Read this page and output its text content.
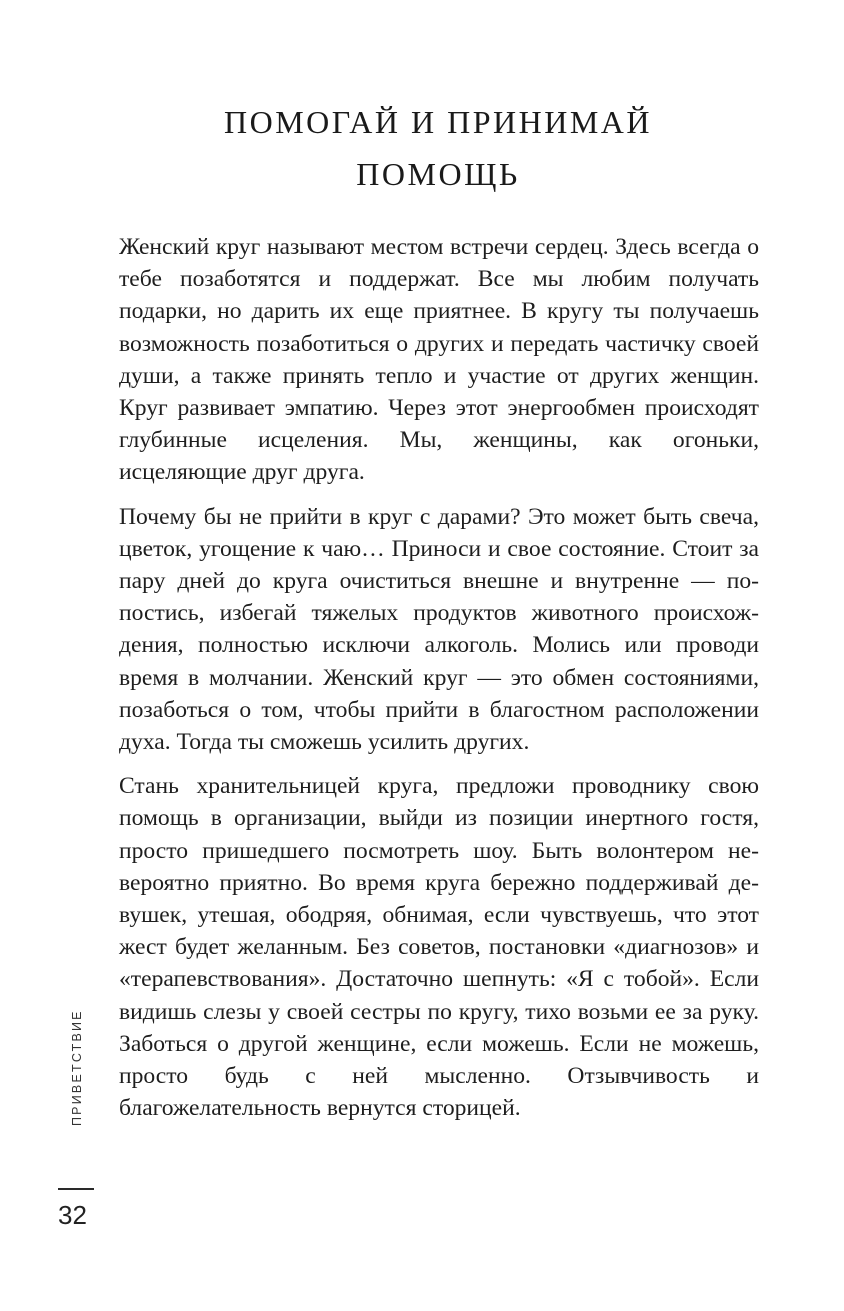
ПОМОГАЙ И ПРИНИМАЙ
ПОМОЩЬ

Женский круг называют местом встречи сердец. Здесь всегда о тебе позаботятся и поддержат. Все мы любим получать подарки, но дарить их еще приятнее. В кругу ты получаешь возможность позаботиться о других и передать частичку своей души, а также принять тепло и участие от других женщин. Круг развивает эмпатию. Через этот энергообмен происходят глубинные исцеления. Мы, женщины, как огоньки, исцеляющие друг друга.

Почему бы не прийти в круг с дарами? Это может быть свеча, цветок, угощение к чаю… Приноси и свое состояние. Стоит за пару дней до круга очиститься внешне и внутренне — попостись, избегай тяжелых продуктов животного происхождения, полностью исключи алкоголь. Молись или проводи время в молчании. Женский круг — это обмен состояниями, позаботься о том, чтобы прийти в благостном расположении духа. Тогда ты сможешь усилить других.

Стань хранительницей круга, предложи проводнику свою помощь в организации, выйди из позиции инертного гостя, просто пришедшего посмотреть шоу. Быть волонтером невероятно приятно. Во время круга бережно поддерживай девушек, утешая, ободряя, обнимая, если чувствуешь, что этот жест будет желанным. Без советов, постановки «диагнозов» и «терапевствования». Достаточно шепнуть: «Я с тобой». Если видишь слезы у своей сестры по кругу, тихо возьми ее за руку. Заботься о другой женщине, если можешь. Если не можешь, просто будь с ней мысленно. Отзывчивость и благожелательность вернутся сторицей.

ПРИВЕТСТВИЕ
32
